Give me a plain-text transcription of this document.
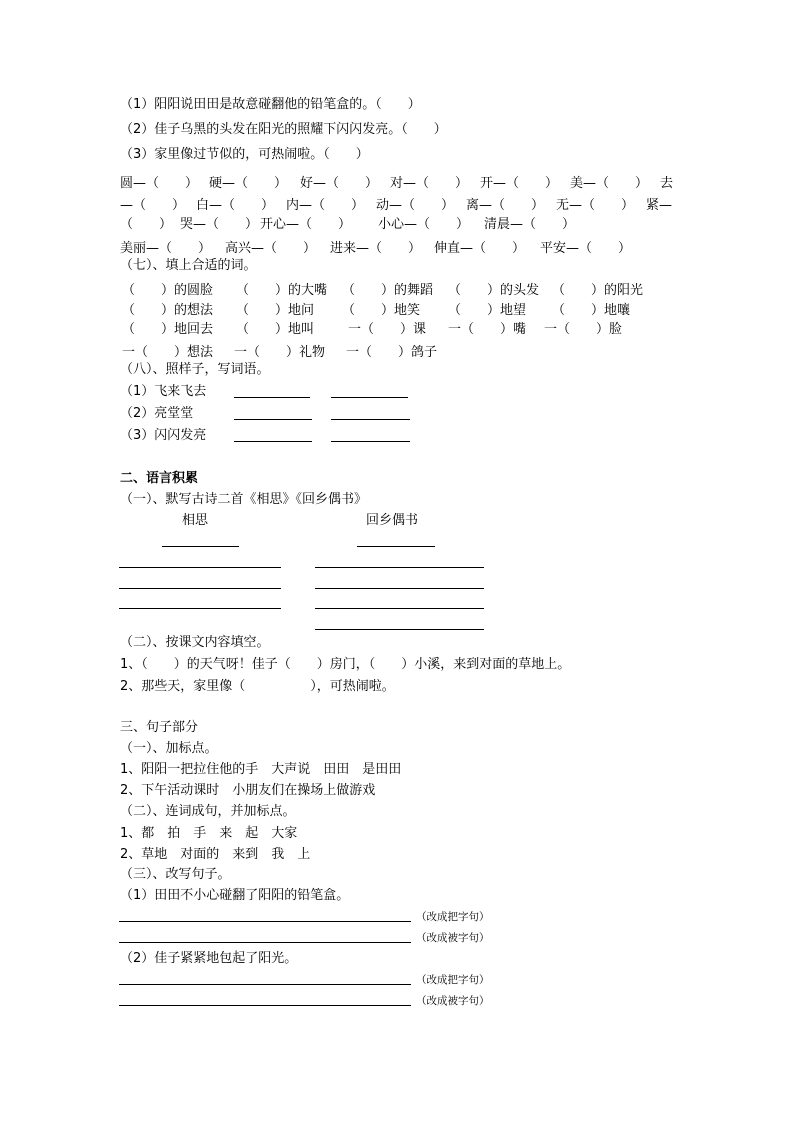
（1）阳阳说田田是故意碰翻他的铅笔盒的。（　　）
（2）佳子乌黑的头发在阳光的照耀下闪闪发亮。（　　）
（3）家里像过节似的，可热闹啦。（　　）
圆—（　　） 硬—（　　） 好—（　　） 对—（　　） 开—（　　） 美—（　　） 去
—（　　） 白—（　　） 内—（　　） 动—（　　） 离—（　　） 无—（　　） 紧—
（　　） 哭—（　　） 开心—（　　） 小心—（　　） 清晨—（　　）
美丽—（　　） 高兴—（　　） 进来—（　　） 伸直—（　　） 平安—（　　）
（七）、填上合适的词。
（　　）的圆脸 （　　）的大嘴 （　　）的舞蹈 （　　）的头发 （　　）的阳光
（　　）的想法 （　　）地问 （　　）地笑 （　　）地望 （　　）地嚷
（　　）地回去 （　　）地叫	一（　　）课 一（　　）嘴 一（　　）脸
一（　　）想法 一（　　）礼物 一（　　）鸽子
（八）、照样子，写词语。
（1）飞来飞去
（2）亮堂堂
（3）闪闪发亮
二、语言积累
（一）、默写古诗二首《相思》《回乡偶书》
相思	回乡偶书
（二）、按课文内容填空。
1、（　　）的天气呀！佳子（　　）房门，（　　）小溪，来到对面的草地上。
2、那些天，家里像（　　　　　），可热闹啦。
三、句子部分
（一）、加标点。
1、阳阳一把拉住他的手　大声说　田田　是田田
2、下午活动课时　小朋友们在操场上做游戏
（二）、连词成句，并加标点。
1、都　拍　手　来　起　大家
2、草地　对面的　来到　我　上
（三）、改写句子。
（1）田田不小心碰翻了阳阳的铅笔盒。
（改成把字句）
（改成被字句）
（2）佳子紧紧地包起了阳光。
（改成把字句）
（改成被字句）
